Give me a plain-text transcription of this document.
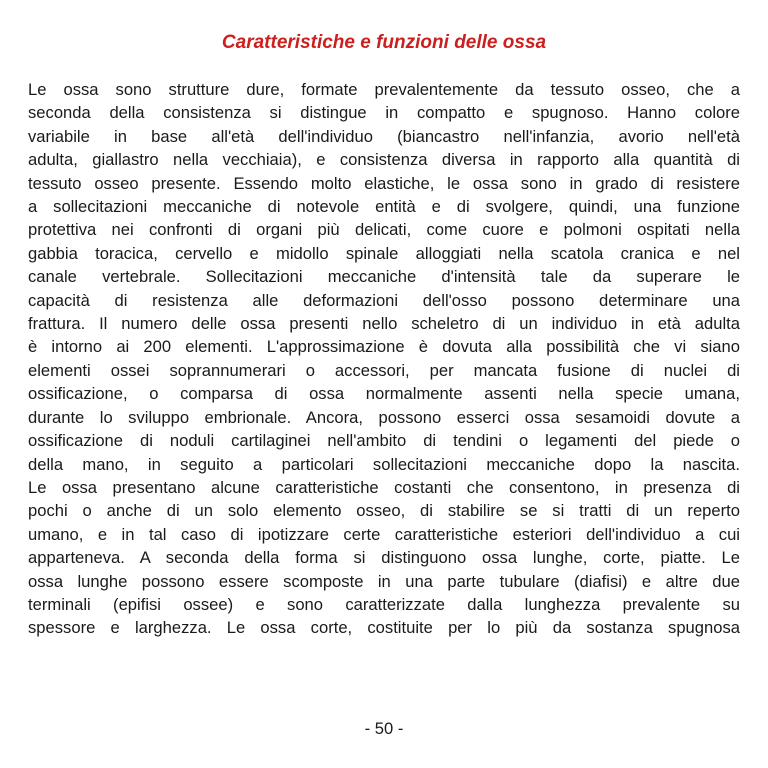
Caratteristiche e funzioni delle ossa
Le ossa sono strutture dure, formate prevalentemente da tessuto osseo, che a
seconda della consistenza si distingue in compatto e spugnoso. Hanno colore
variabile in base all'età dell'individuo (biancastro nell'infanzia, avorio nell'età
adulta, giallastro nella vecchiaia), e consistenza diversa in rapporto alla quantità di
tessuto osseo presente. Essendo molto elastiche, le ossa sono in grado di resistere
a sollecitazioni meccaniche di notevole entità e di svolgere, quindi, una funzione
protettiva nei confronti di organi più delicati, come cuore e polmoni ospitati nella
gabbia toracica, cervello e midollo spinale alloggiati nella scatola cranica e nel
canale vertebrale. Sollecitazioni meccaniche d'intensità tale da superare le
capacità di resistenza alle deformazioni dell'osso possono determinare una
frattura. Il numero delle ossa presenti nello scheletro di un individuo in età adulta
è intorno ai 200 elementi. L'approssimazione è dovuta alla possibilità che vi siano
elementi ossei soprannumerari o accessori, per mancata fusione di nuclei di
ossificazione, o comparsa di ossa normalmente assenti nella specie umana,
durante lo sviluppo embrionale. Ancora, possono esserci ossa sesamoidi dovute a
ossificazione di noduli cartilaginei nell'ambito di tendini o legamenti del piede o
della mano, in seguito a particolari sollecitazioni meccaniche dopo la nascita.
Le ossa presentano alcune caratteristiche costanti che consentono, in presenza di
pochi o anche di un solo elemento osseo, di stabilire se si tratti di un reperto
umano, e in tal caso di ipotizzare certe caratteristiche esteriori dell'individuo a cui
apparteneva. A seconda della forma si distinguono ossa lunghe, corte, piatte. Le
ossa lunghe possono essere scomposte in una parte tubulare (diafisi) e altre due
terminali (epifisi ossee) e sono caratterizzate dalla lunghezza prevalente su
spessore e larghezza. Le ossa corte, costituite per lo più da sostanza spugnosa
- 50 -
